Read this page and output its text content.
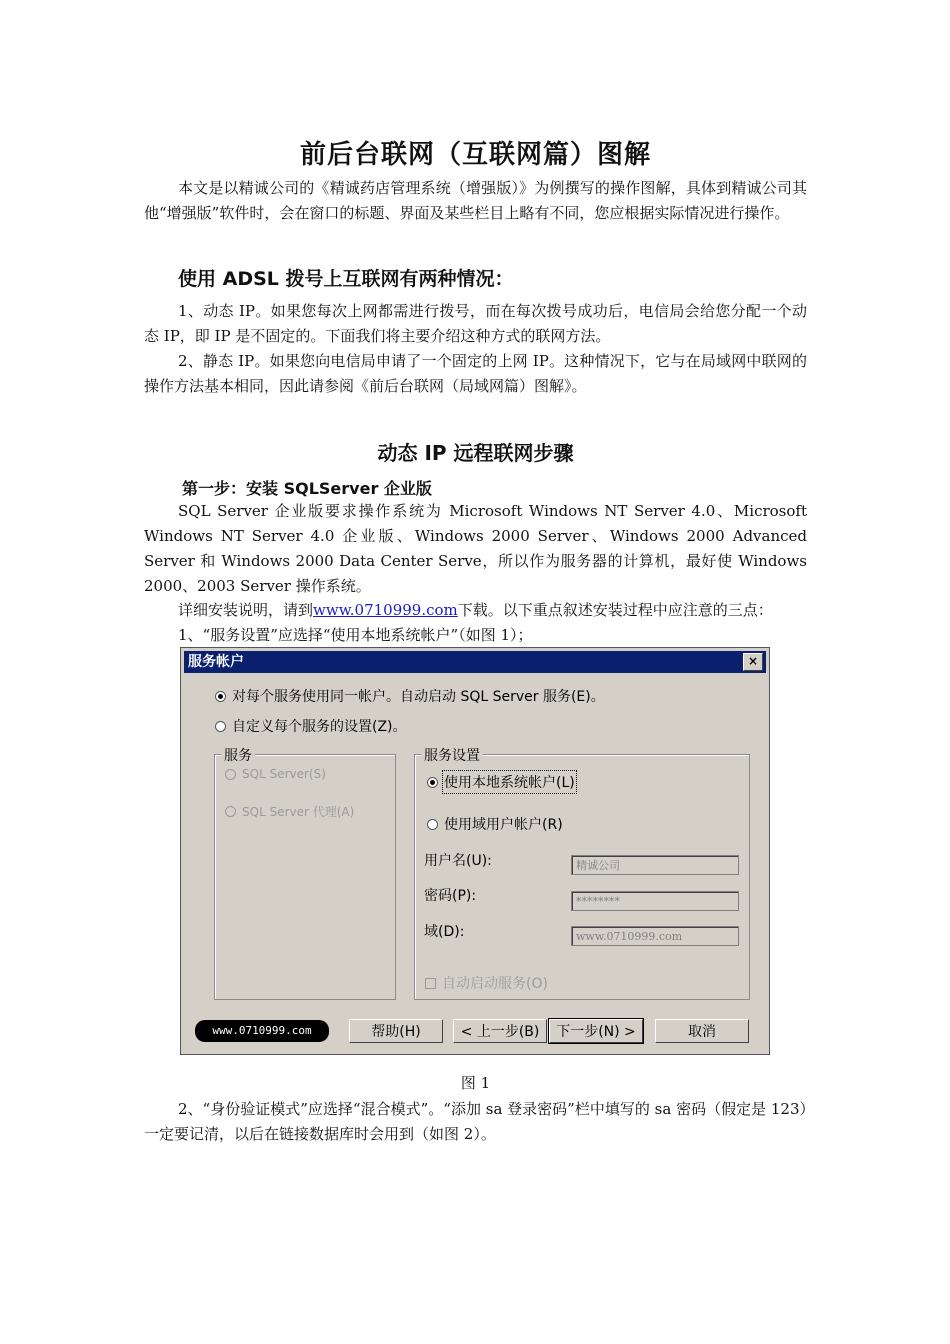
前后台联网（互联网篇）图解
本文是以精诚公司的《精诚药店管理系统（增强版）》为例撰写的操作图解，具体到精诚公司其他“增强版”软件时，会在窗口的标题、界面及某些栏目上略有不同，您应根据实际情况进行操作。
使用 ADSL 拨号上互联网有两种情况：
1、动态 IP。如果您每次上网都需进行拨号，而在每次拨号成功后，电信局会给您分配一个动态 IP，即 IP 是不固定的。下面我们将主要介绍这种方式的联网方法。
2、静态 IP。如果您向电信局申请了一个固定的上网 IP。这种情况下，它与在局域网中联网的操作方法基本相同，因此请参阅《前后台联网（局域网篇）图解》。
动态 IP 远程联网步骤
第一步：安装 SQLServer 企业版
SQL Server 企业版要求操作系统为 Microsoft Windows NT Server 4.0、Microsoft Windows NT Server 4.0 企业版、Windows 2000 Server、Windows 2000 Advanced Server 和 Windows 2000 Data Center Serve，所以作为服务器的计算机，最好使 Windows 2000、2003 Server 操作系统。
详细安装说明，请到www.0710999.com下载。以下重点叙述安装过程中应注意的三点：
1、“服务设置”应选择“使用本地系统帐户”（如图 1）；
图 1
2、“身份验证模式”应选择“混合模式”。“添加 sa 登录密码”栏中填写的 sa 密码（假定是 123）一定要记清，以后在链接数据库时会用到（如图 2）。
服务帐户	×
对每个服务使用同一帐户。自动启动 SQL Server 服务(E)。
自定义每个服务的设置(Z)。
服务
SQL Server(S)
SQL Server 代理(A)
服务设置
使用本地系统帐户(L)
使用域用户帐户(R)
用户名(U):	精诚公司
密码(P):	********
域(D):	www.0710999.com
自动启动服务(O)
www.0710999.com	帮助(H)	< 上一步(B)	下一步(N) >	取消
